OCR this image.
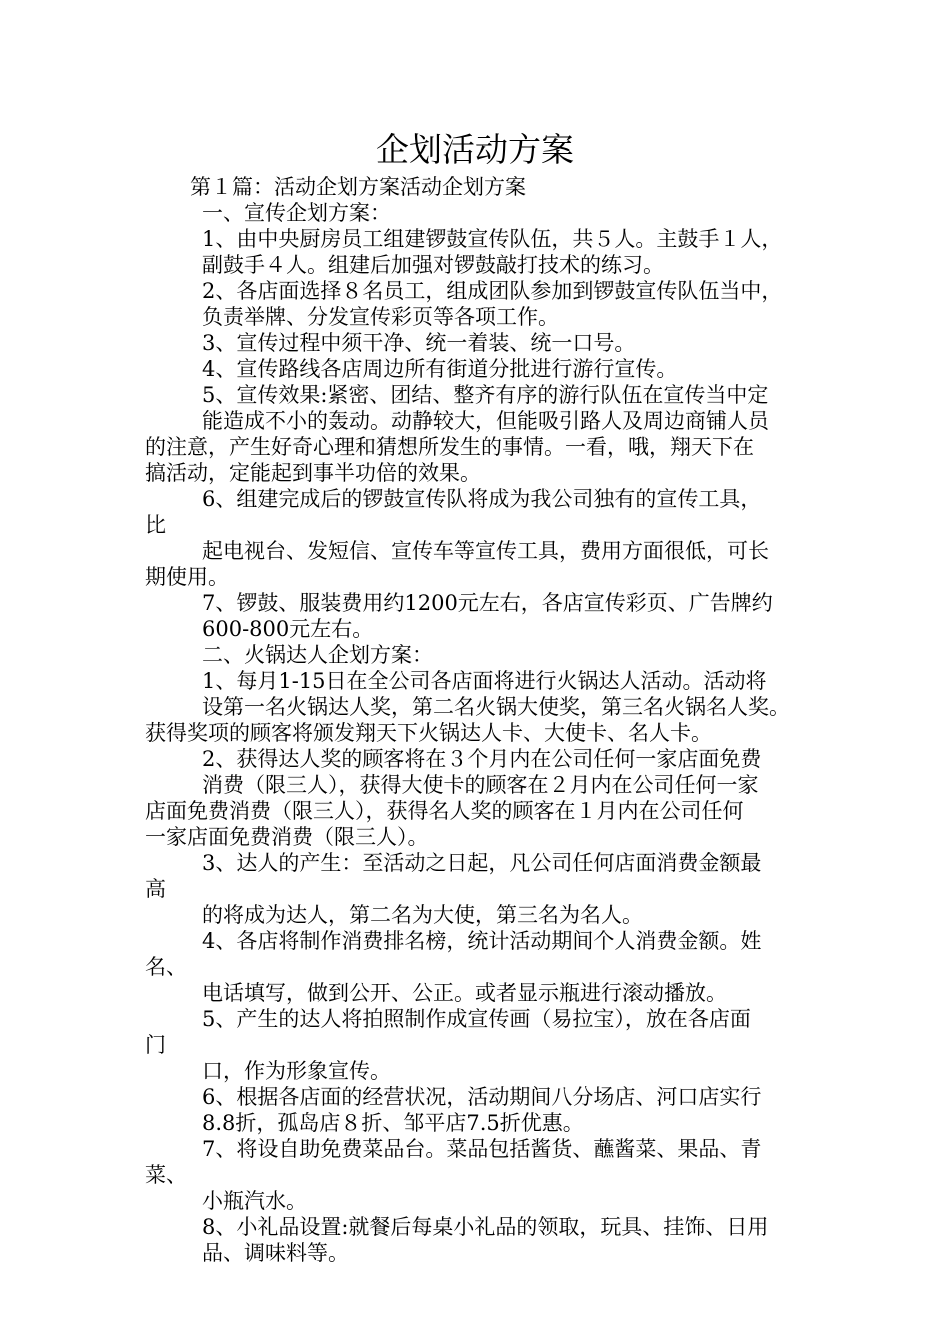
企划活动方案

第１篇：活动企划方案活动企划方案

一、宣传企划方案：

1、由中央厨房员工组建锣鼓宣传队伍，共５人。主鼓手１人，

副鼓手４人。组建后加强对锣鼓敲打技术的练习。

2、各店面选择８名员工，组成团队参加到锣鼓宣传队伍当中，

负责举牌、分发宣传彩页等各项工作。

3、宣传过程中须干净、统一着装、统一口号。

4、宣传路线各店周边所有街道分批进行游行宣传。

5、宣传效果:紧密、团结、整齐有序的游行队伍在宣传当中定

能造成不小的轰动。动静较大，但能吸引路人及周边商铺人员

的注意，产生好奇心理和猜想所发生的事情。一看，哦，翔天下在

搞活动，定能起到事半功倍的效果。

6、组建完成后的锣鼓宣传队将成为我公司独有的宣传工具，

比

起电视台、发短信、宣传车等宣传工具，费用方面很低，可长

期使用。

7、锣鼓、服装费用约1200元左右，各店宣传彩页、广告牌约

600-800元左右。

二、火锅达人企划方案：

1、每月1-15日在全公司各店面将进行火锅达人活动。活动将

设第一名火锅达人奖，第二名火锅大使奖，第三名火锅名人奖。

获得奖项的顾客将颁发翔天下火锅达人卡、大使卡、名人卡。

2、获得达人奖的顾客将在３个月内在公司任何一家店面免费

消费（限三人），获得大使卡的顾客在２月内在公司任何一家

店面免费消费（限三人），获得名人奖的顾客在１月内在公司任何

一家店面免费消费（限三人）。

3、达人的产生：至活动之日起，凡公司任何店面消费金额最

高

的将成为达人，第二名为大使，第三名为名人。

4、各店将制作消费排名榜，统计活动期间个人消费金额。姓

名、

电话填写，做到公开、公正。或者显示瓶进行滚动播放。

5、产生的达人将拍照制作成宣传画（易拉宝），放在各店面

门

口，作为形象宣传。

6、根据各店面的经营状况，活动期间八分场店、河口店实行

8.8折，孤岛店８折、邹平店7.5折优惠。

7、将设自助免费菜品台。菜品包括酱货、蘸酱菜、果品、青

菜、

小瓶汽水。

8、小礼品设置:就餐后每桌小礼品的领取，玩具、挂饰、日用

品、调味料等。
